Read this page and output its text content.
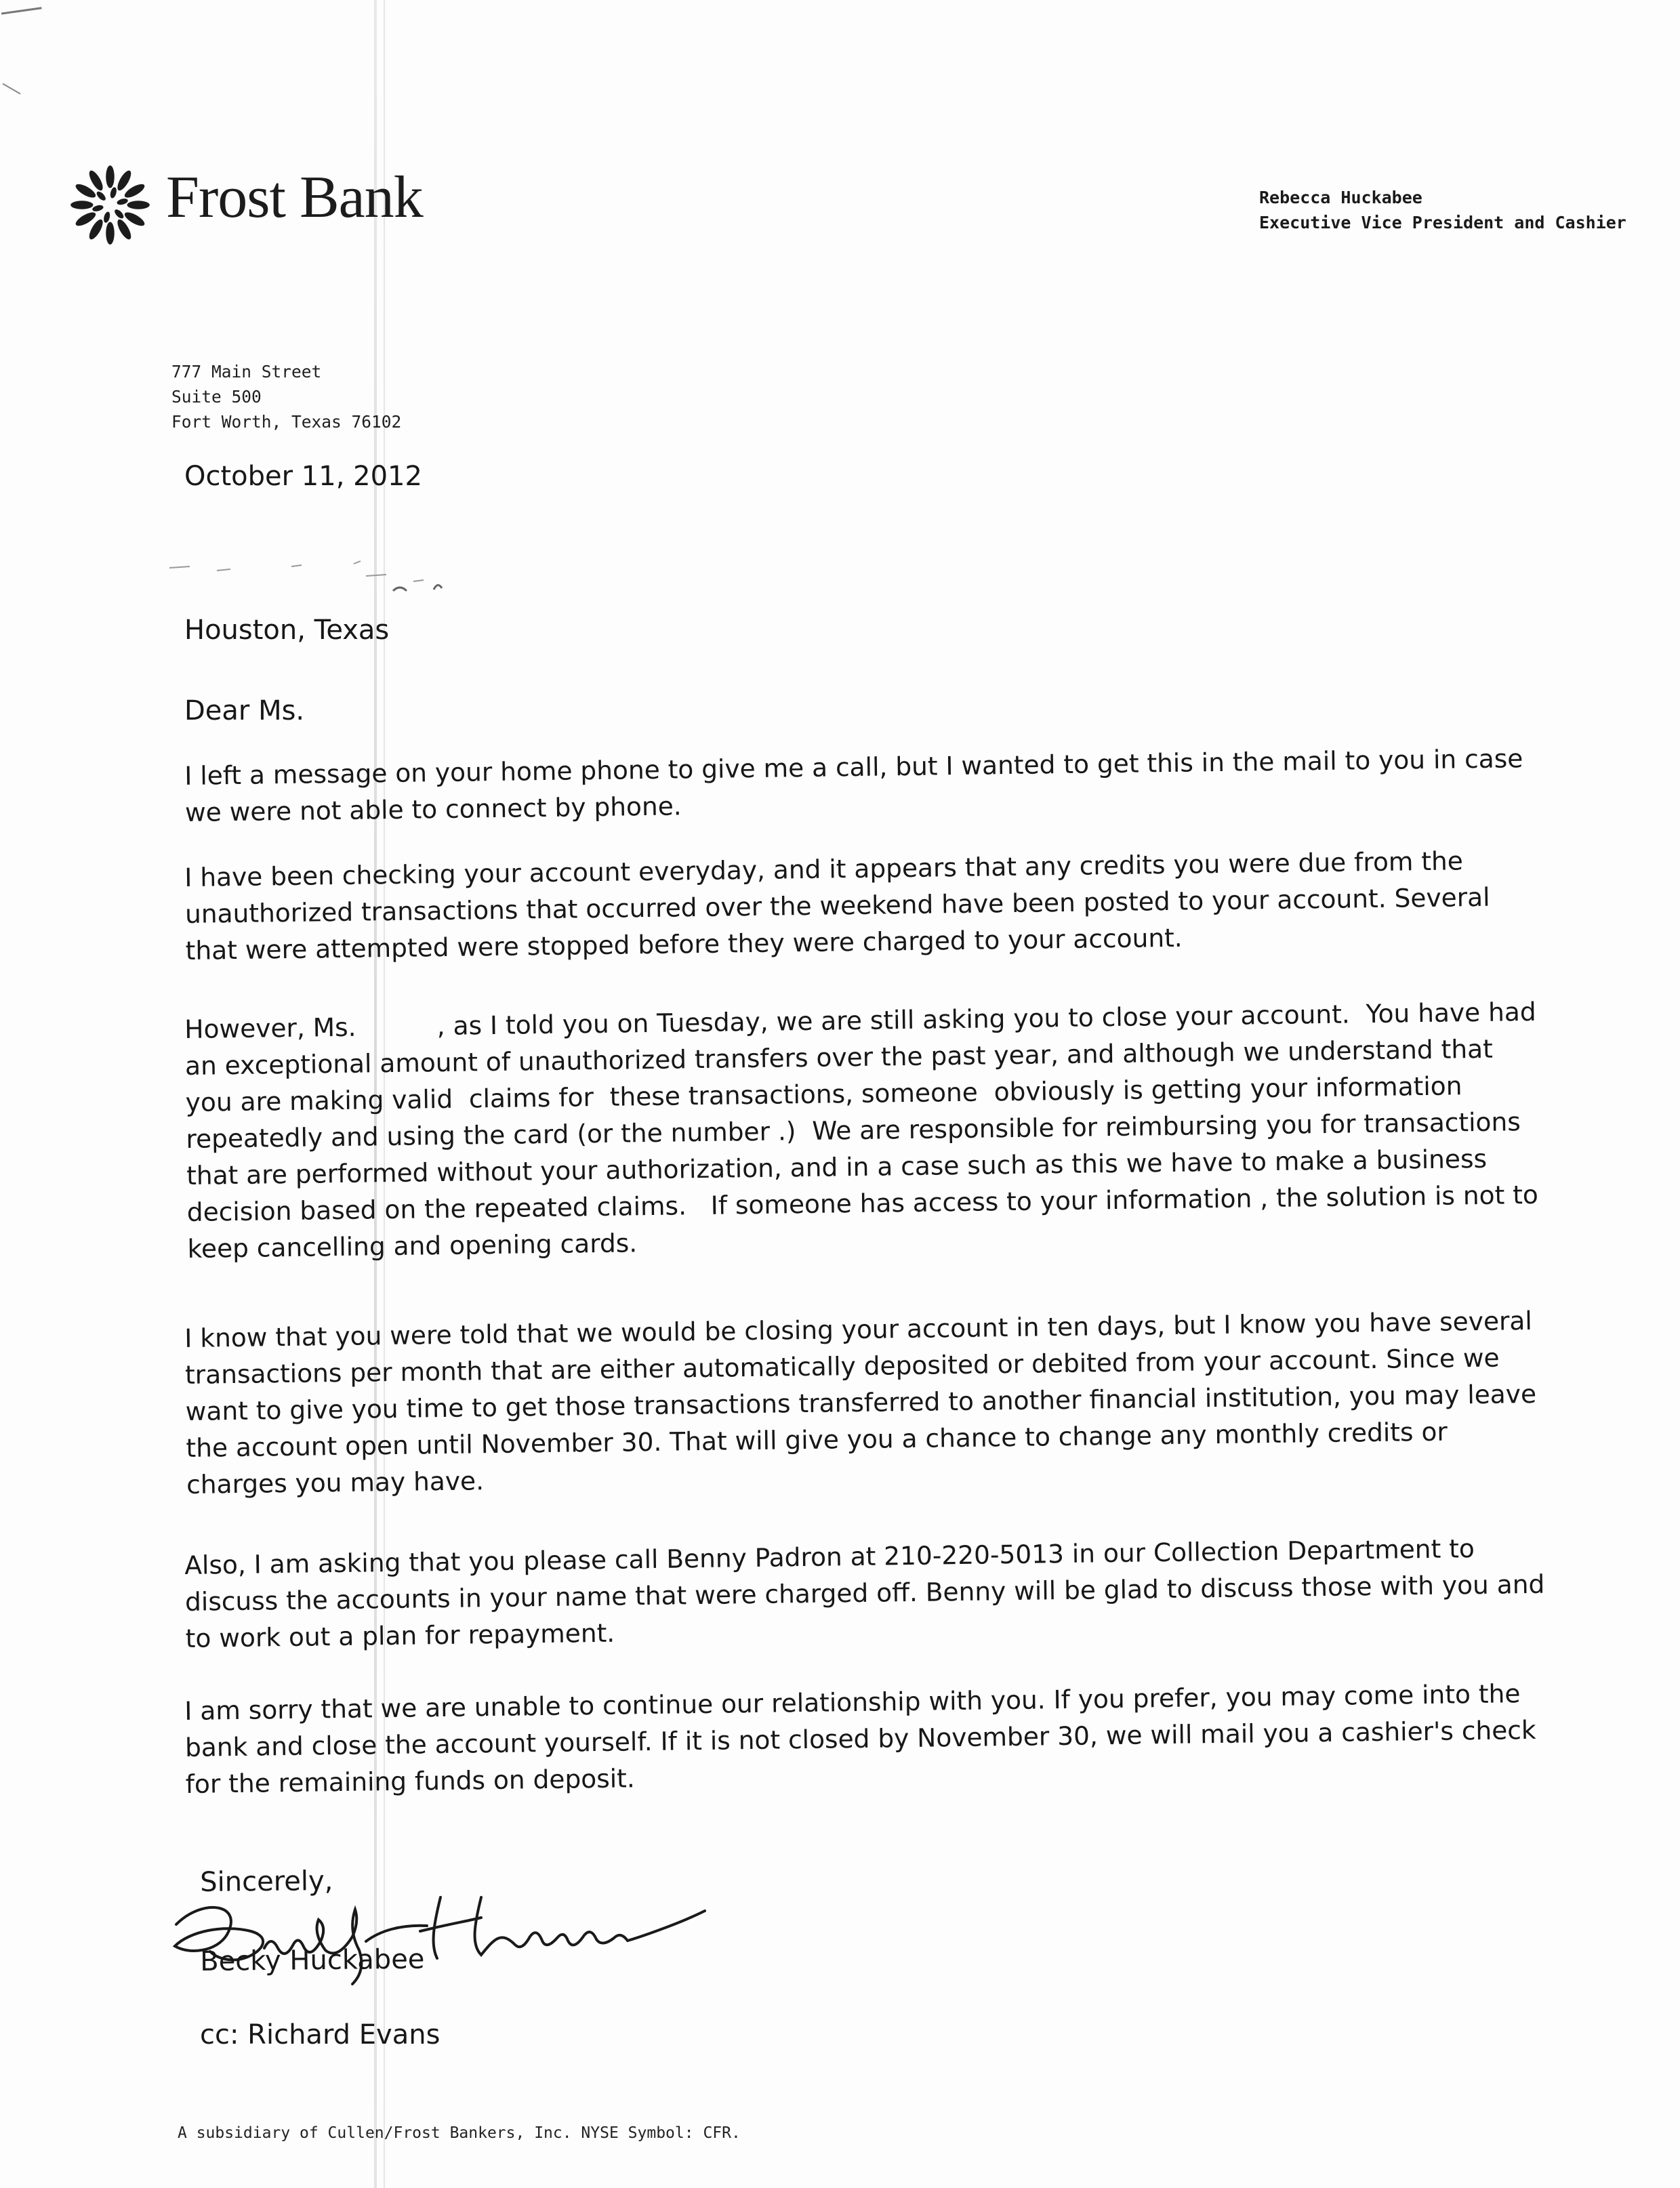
Frost Bank	Rebecca Huckabee
Executive Vice President and Cashier
777 Main Street
Suite 500
Fort Worth, Texas 76102
October 11, 2012
Houston, Texas
Dear Ms.

I left a message on your home phone to give me a call, but I wanted to get this in the mail to you in case we were not able to connect by phone.

I have been checking your account everyday, and it appears that any credits you were due from the unauthorized transactions that occurred over the weekend have been posted to your account. Several that were attempted were stopped before they were charged to your account.

However, Ms.          , as I told you on Tuesday, we are still asking you to close your account.  You have had an exceptional amount of unauthorized transfers over the past year, and although we understand that you are making valid  claims for  these transactions, someone  obviously is getting your information repeatedly and using the card (or the number .)  We are responsible for reimbursing you for transactions that are performed without your authorization, and in a case such as this we have to make a business decision based on the repeated claims.   If someone has access to your information , the solution is not to keep cancelling and opening cards.

I know that you were told that we would be closing your account in ten days, but I know you have several transactions per month that are either automatically deposited or debited from your account. Since we want to give you time to get those transactions transferred to another financial institution, you may leave the account open until November 30. That will give you a chance to change any monthly credits or charges you may have.

Also, I am asking that you please call Benny Padron at 210-220-5013 in our Collection Department to discuss the accounts in your name that were charged off. Benny will be glad to discuss those with you and to work out a plan for repayment.

I am sorry that we are unable to continue our relationship with you. If you prefer, you may come into the bank and close the account yourself. If it is not closed by November 30, we will mail you a cashier's check for the remaining funds on deposit.

Sincerely,
Becky Huckabee
cc: Richard Evans
A subsidiary of Cullen/Frost Bankers, Inc. NYSE Symbol: CFR.
